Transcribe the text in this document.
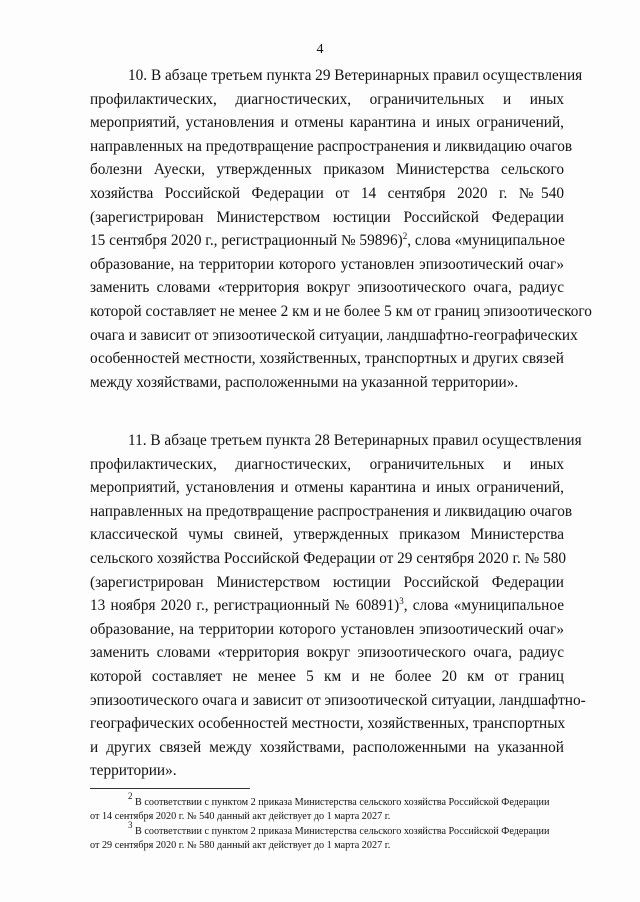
4
10. В абзаце третьем пункта 29 Ветеринарных правил осуществления
профилактических, диагностических, ограничительных и иных
мероприятий, установления и отмены карантина и иных ограничений,
направленных на предотвращение распространения и ликвидацию очагов
болезни Ауески, утвержденных приказом Министерства сельского
хозяйства Российской Федерации от 14 сентября 2020 г. №540
(зарегистрирован Министерством юстиции Российской Федерации
15 сентября 2020 г., регистрационный № 59896)$^2$, слова «муниципальное
образование, на территории которого установлен эпизоотический очаг»
заменить словами «территория вокруг эпизоотического очага, радиус
которой составляет не менее 2 км и не более 5 км от границ эпизоотического
очага и зависит от эпизоотической ситуации, ландшафтно-географических
особенностей местности, хозяйственных, транспортных и других связей
между хозяйствами, расположенными на указанной территории».
11. В абзаце третьем пункта 28 Ветеринарных правил осуществления
профилактических, диагностических, ограничительных и иных
мероприятий, установления и отмены карантина и иных ограничений,
направленных на предотвращение распространения и ликвидацию очагов
классической чумы свиней, утвержденных приказом Министерства
сельского хозяйства Российской Федерации от 29 сентября 2020 г. № 580
(зарегистрирован Министерством юстиции Российской Федерации
13 ноября 2020 г., регистрационный № 60891)$^3$, слова «муниципальное
образование, на территории которого установлен эпизоотический очаг»
заменить словами «территория вокруг эпизоотического очага, радиус
которой составляет не менее 5 км и не более 20 км от границ
эпизоотического очага и зависит от эпизоотической ситуации, ландшафтно-
географических особенностей местности, хозяйственных, транспортных
и других связей между хозяйствами, расположенными на указанной
территории».
$^2$ В соответствии с пунктом 2 приказа Министерства сельского хозяйства Российской Федерации
от 14 сентября 2020 г. № 540 данный акт действует до 1 марта 2027 г.
$^3$ В соответствии с пунктом 2 приказа Министерства сельского хозяйства Российской Федерации
от 29 сентября 2020 г. № 580 данный акт действует до 1 марта 2027 г.
